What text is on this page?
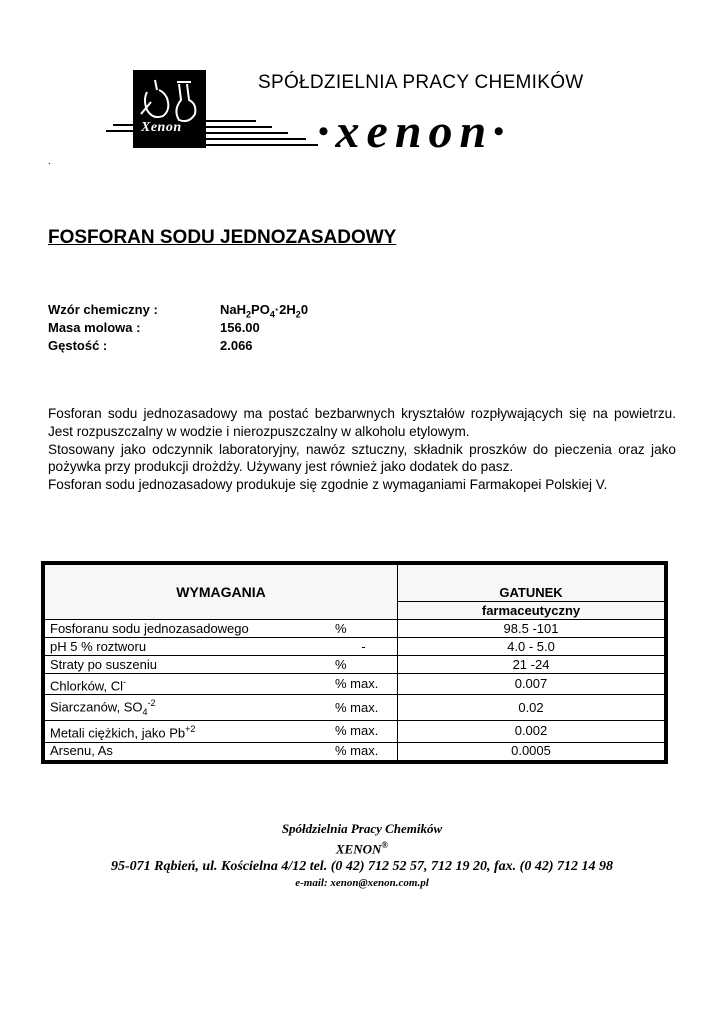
Xenon
SPÓŁDZIELNIA PRACY CHEMIKÓW
•xenon•
.
FOSFORAN SODU JEDNOZASADOWY
Wzór chemiczny :	$NaH_2PO_4\cdot 2H_20$
Masa molowa :	156.00
Gęstość :	2.066

Fosforan sodu jednozasadowy ma postać bezbarwnych kryształów rozpływających się na powietrzu. Jest rozpuszczalny w wodzie i nierozpuszczalny w alkoholu etylowym.

Stosowany jako odczynnik laboratoryjny, nawóz sztuczny, składnik proszków do pieczenia oraz jako pożywka przy produkcji drożdży. Używany jest również jako dodatek do pasz.

Fosforan sodu jednozasadowy produkuje się zgodnie z wymaganiami Farmakopei Polskiej V.

WYMAGANIA		GATUNEK
		farmaceutyczny
Fosforanu sodu jednozasadowego	%	98.5 -101
pH 5 % roztworu	-	4.0 - 5.0
Straty po suszeniu	%	21 -24
Chlorków, Cl-	% max.	0.007
Siarczanów, $SO_4^{-2}$	% max.	0.02
Metali ciężkich, jako $Pb^{+2}$	% max.	0.002
Arsenu, As	% max.	0.0005
Spółdzielnia Pracy Chemików
XENON®
95-071 Rąbień, ul. Kościelna 4/12 tel. (0 42) 712 52 57, 712 19 20, fax. (0 42) 712 14 98
e-mail: xenon@xenon.com.pl
